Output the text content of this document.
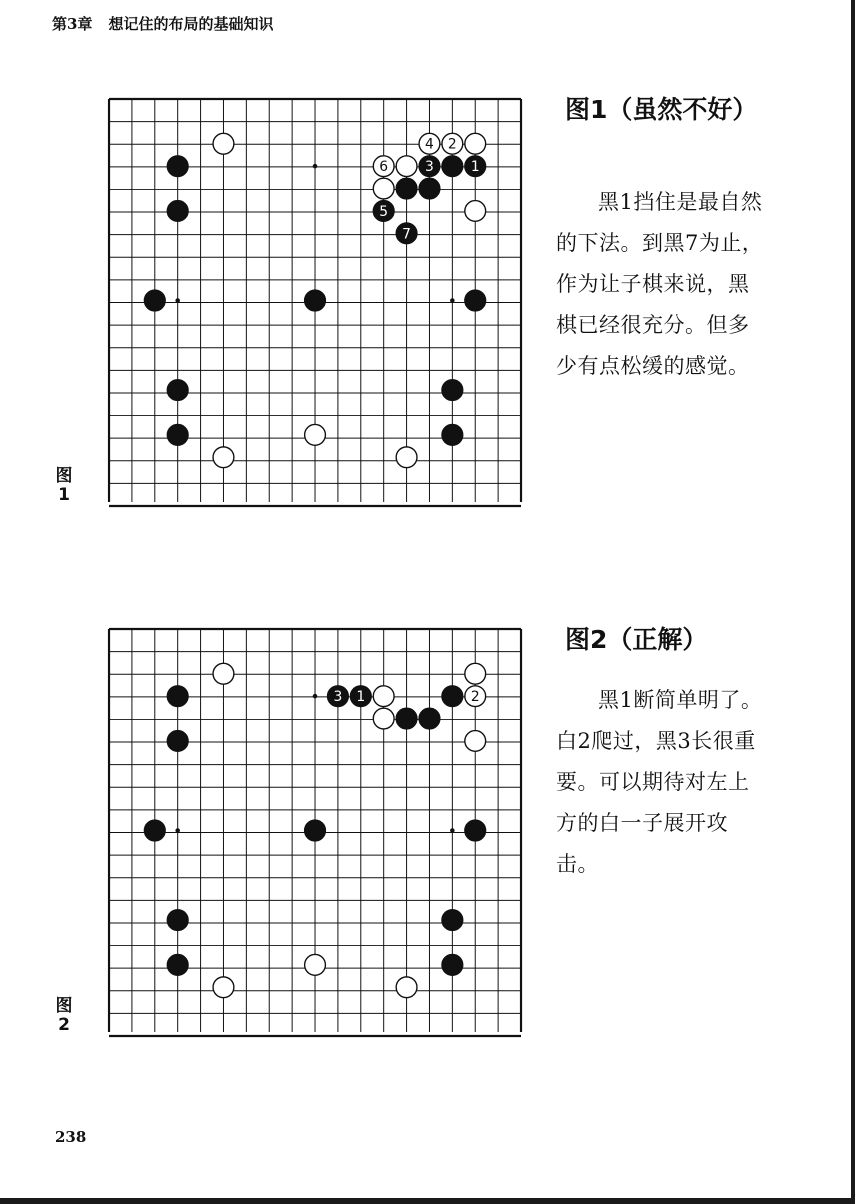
第3章 想记住的布局的基础知识
1
2
3
4
5
6
7
图
1
图1（虽然不好）
黑1挡住是最自然的下法。到黑7为止，作为让子棋来说，黑棋已经很充分。但多少有点松缓的感觉。
1	2
3
图
2
图2（正解）
黑1断简单明了。白2爬过，黑3长很重要。可以期待对左上方的白一子展开攻击。
238
